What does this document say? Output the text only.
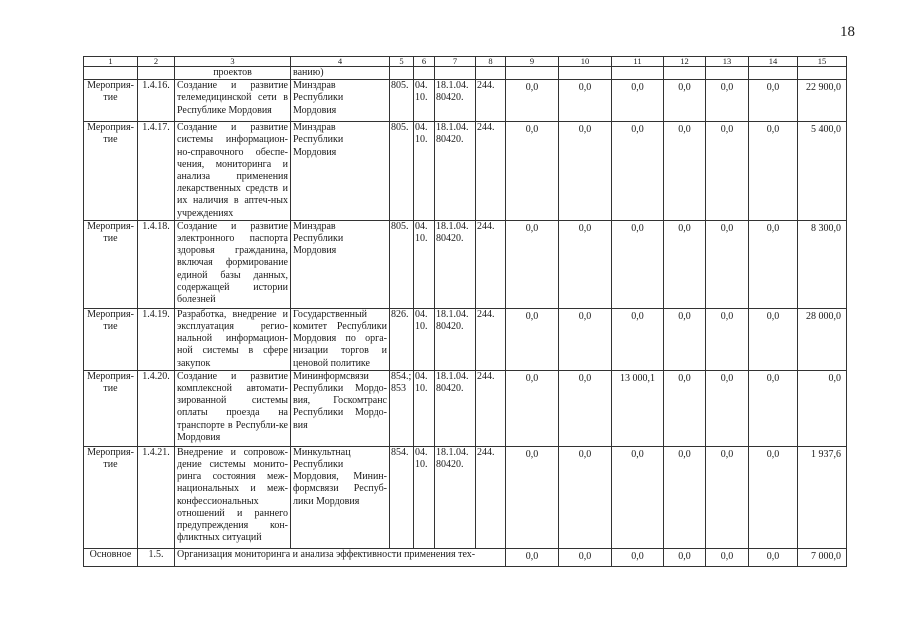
18
1	2	3	4	5	6	7	8	9	10	11	12	13	14	15
		проектов	ванию)											
Мероприя-тие	1.4.16.	Создание и развитие телемедицинской сети в Республике Мордовия	Минздрав Республики Мордовия	805.	04. 10.	18.1.04. 80420.	244.	0,0	0,0	0,0	0,0	0,0	0,0	22 900,0
Мероприя-тие	1.4.17.	Создание и развитие системы информацион-но-справочного обеспе-чения, мониторинга и анализа применения лекарственных средств и их наличия в аптеч-ных учреждениях	Минздрав Республики Мордовия	805.	04. 10.	18.1.04. 80420.	244.	0,0	0,0	0,0	0,0	0,0	0,0	5 400,0
Мероприя-тие	1.4.18.	Создание и развитие электронного паспорта здоровья гражданина, включая формирование единой базы данных, содержащей истории болезней	Минздрав Республики Мордовия	805.	04. 10.	18.1.04. 80420.	244.	0,0	0,0	0,0	0,0	0,0	0,0	8 300,0
Мероприя-тие	1.4.19.	Разработка, внедрение и эксплуатация регио-нальной информацион-ной системы в сфере закупок	Государственный комитет Республики Мордовия по орга-низации торгов и ценовой политике	826.	04. 10.	18.1.04. 80420.	244.	0,0	0,0	0,0	0,0	0,0	0,0	28 000,0
Мероприя-тие	1.4.20.	Создание и развитие комплексной автомати-зированной системы оплаты проезда на транспорте в Республи-ке Мордовия	Мининформсвязи Республики Мордо-вия, Госкомтранс Республики Мордо-вия	854.; 853	04. 10.	18.1.04. 80420.	244.	0,0	0,0	13 000,1	0,0	0,0	0,0	0,0
Мероприя-тие	1.4.21.	Внедрение и сопровож-дение системы монито-ринга состояния меж-национальных и меж-конфессиональных отношений и раннего предупреждения кон-фликтных ситуаций	Минкультнац Республики Мордовия, Минин-формсвязи Респуб-лики Мордовия	854.	04. 10.	18.1.04. 80420.	244.	0,0	0,0	0,0	0,0	0,0	0,0	1 937,6
Основное	1.5.	Организация мониторинга и анализа эффективности применения тех-						0,0	0,0	0,0	0,0	0,0	0,0	7 000,0
